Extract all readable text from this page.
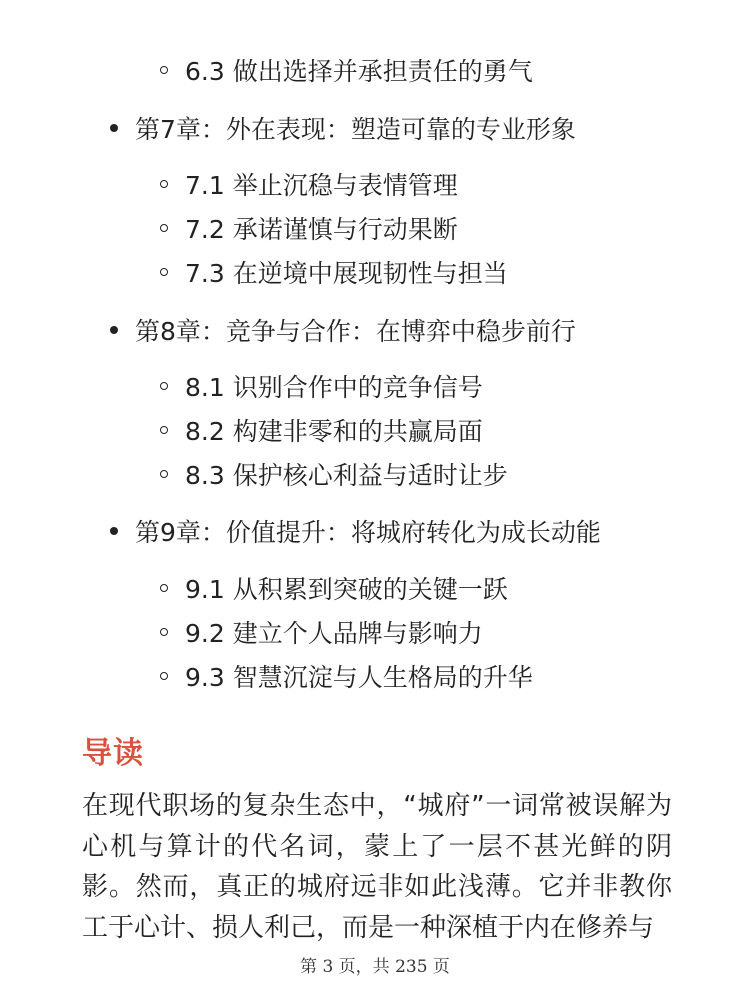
6.3 做出选择并承担责任的勇气
第7章：外在表现：塑造可靠的专业形象
7.1 举止沉稳与表情管理
7.2 承诺谨慎与行动果断
7.3 在逆境中展现韧性与担当
第8章：竞争与合作：在博弈中稳步前行
8.1 识别合作中的竞争信号
8.2 构建非零和的共赢局面
8.3 保护核心利益与适时让步
第9章：价值提升：将城府转化为成长动能
9.1 从积累到突破的关键一跃
9.2 建立个人品牌与影响力
9.3 智慧沉淀与人生格局的升华
导读
在现代职场的复杂生态中，“城府”一词常被误解为心机与算计的代名词，蒙上了一层不甚光鲜的阴影。然而，真正的城府远非如此浅薄。它并非教你工于心计、损人利己，而是一种深植于内在修养与
第 3 页，共 235 页
